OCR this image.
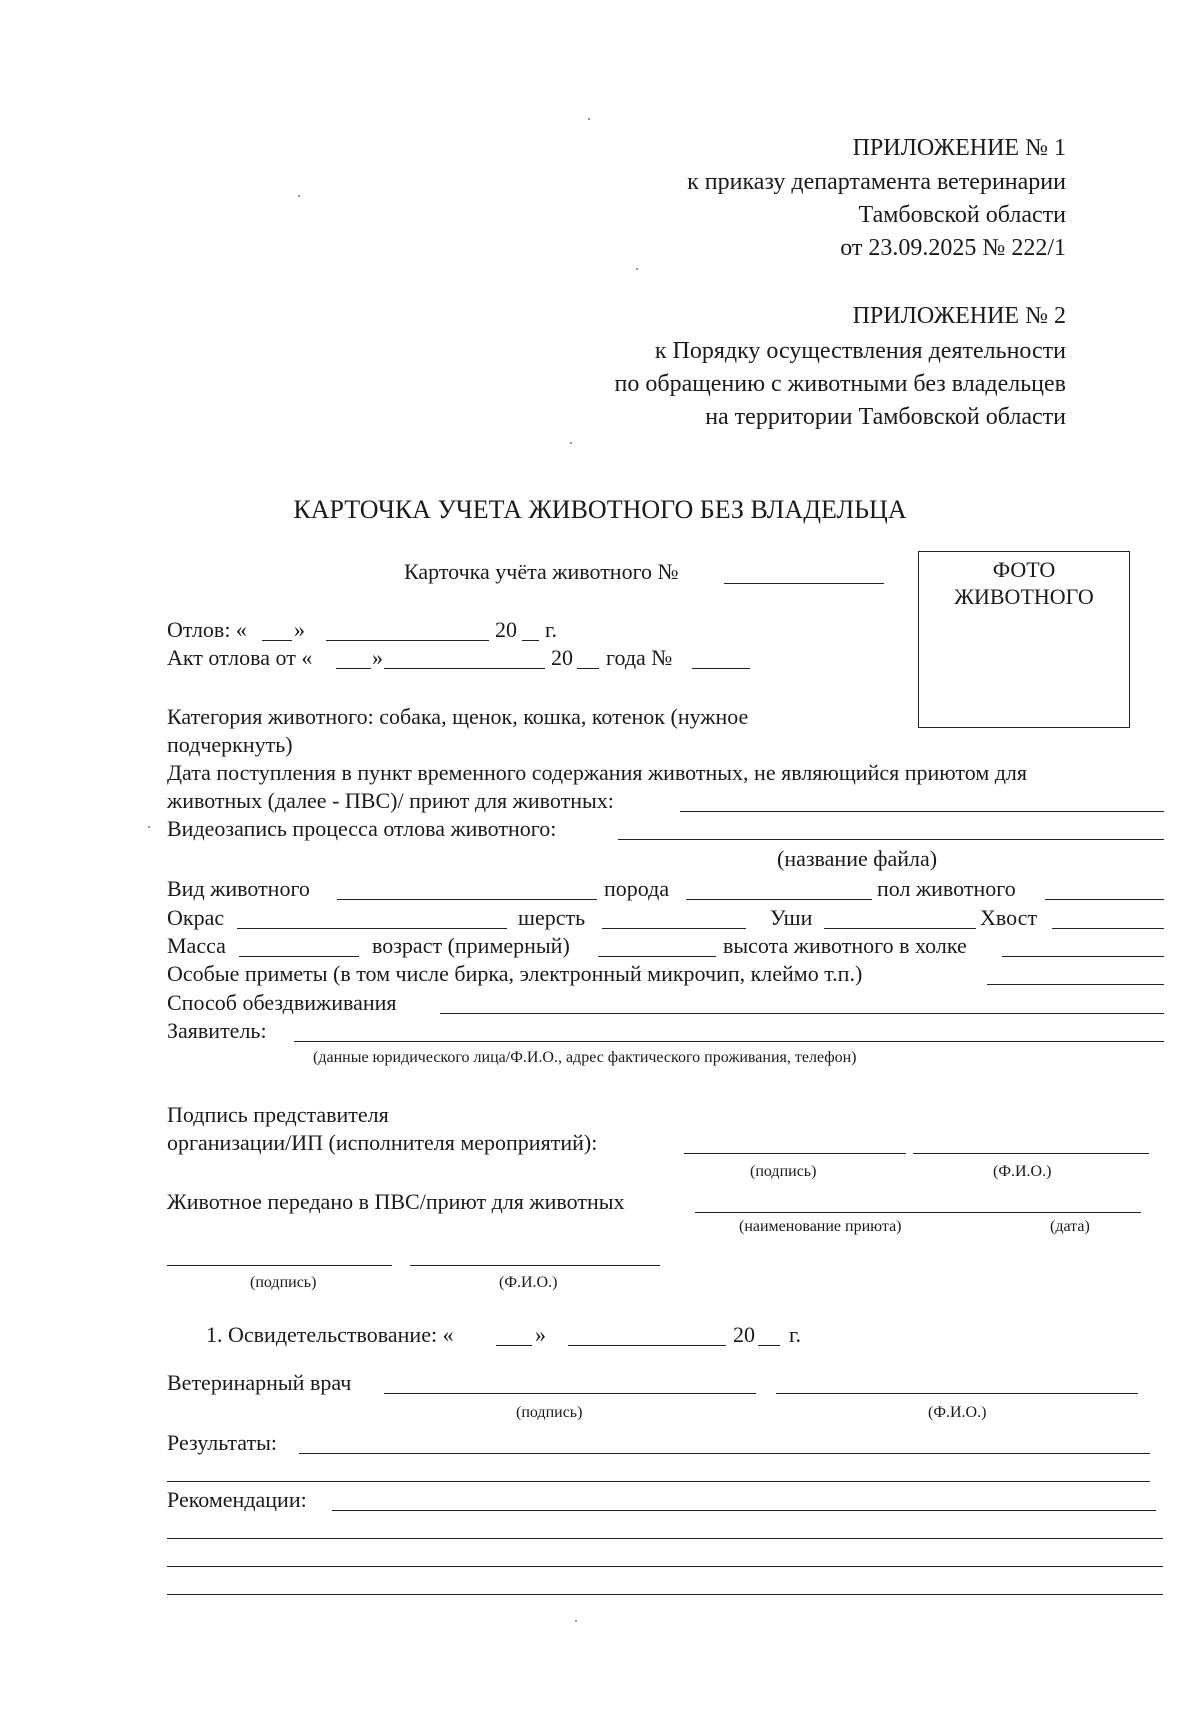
ПРИЛОЖЕНИЕ № 1
к приказу департамента ветеринарии
Тамбовской области
от 23.09.2025 № 222/1
ПРИЛОЖЕНИЕ № 2
к Порядку осуществления деятельности
по обращению с животными без владельцев
на территории Тамбовской области
КАРТОЧКА УЧЕТА ЖИВОТНОГО БЕЗ ВЛАДЕЛЬЦА
Карточка учёта животного №	ФОТО
ЖИВОТНОГО
Отлов: « »	20 г.
Акт отлова от «	»	20 года №
Категория животного: собака, щенок, кошка, котенок (нужное
подчеркнуть)
Дата поступления в пункт временного содержания животных, не являющийся приютом для
животных (далее - ПВС)/ приют для животных:
Видеозапись процесса отлова животного:
(название файла)
Вид животного	порода	пол животного
Окрас	шерсть	Уши	Хвост
Масса	возраст (примерный)	высота животного в холке
Особые приметы (в том числе бирка, электронный микрочип, клеймо т.п.)
Способ обездвиживания
Заявитель:
(данные юридического лица/Ф.И.О., адрес фактического проживания, телефон)
Подпись представителя
организации/ИП (исполнителя мероприятий):
(подпись)	(Ф.И.О.)
Животное передано в ПВС/приют для животных
(наименование приюта)	(дата)
(подпись)	(Ф.И.О.)
1. Освидетельствование: «	»	20 г.
Ветеринарный врач
(подпись)	(Ф.И.О.)
Результаты:
Рекомендации:
